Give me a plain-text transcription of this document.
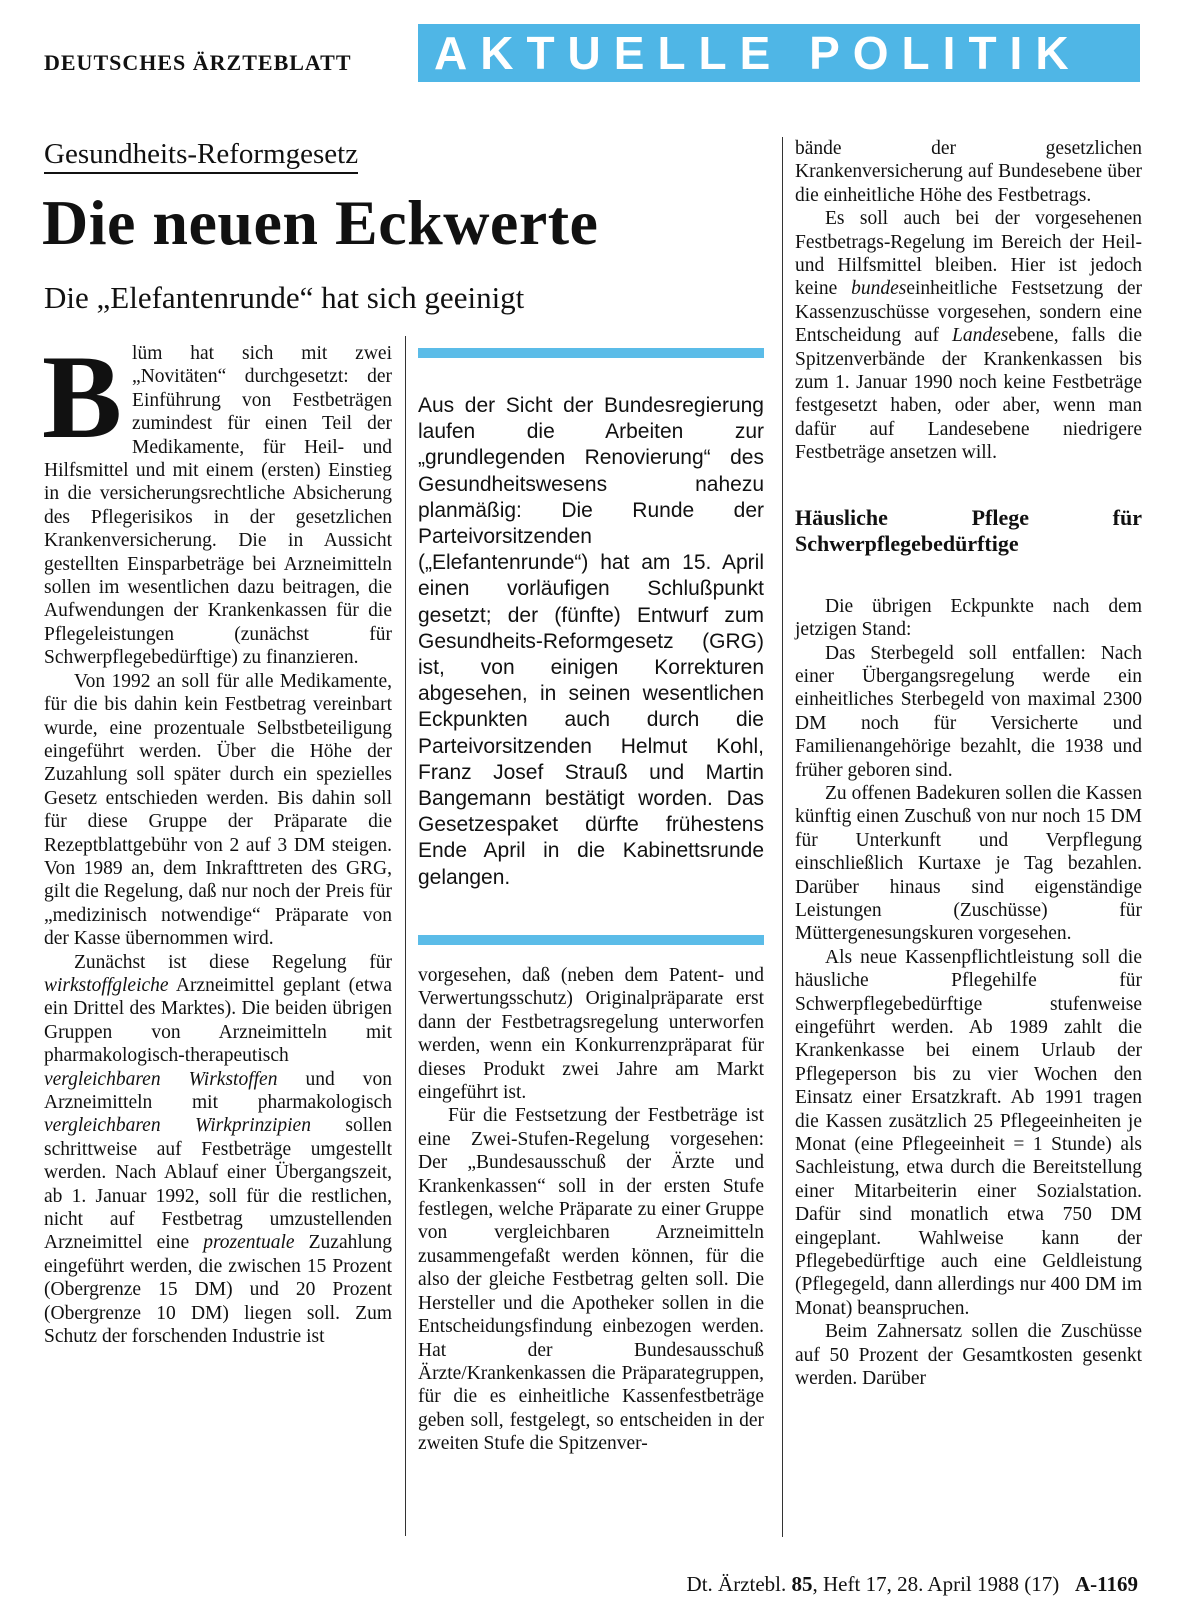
DEUTSCHES ÄRZTEBLATT	AKTUELLE POLITIK
Gesundheits-Reformgesetz
Die neuen Eckwerte
Die „Elefantenrunde“ hat sich geeinigt
B lüm hat sich mit zwei „Novitäten“ durchgesetzt: der Einführung von Festbeträgen zumindest für einen Teil der Medikamente, für Heil- und Hilfsmittel und mit einem (ersten) Einstieg in die versicherungsrechtliche Absicherung des Pflegerisikos in der gesetzlichen Krankenversicherung. Die in Aussicht gestellten Einsparbeträge bei Arzneimitteln sollen im wesentlichen dazu beitragen, die Aufwendungen der Krankenkassen für die Pflegeleistungen (zunächst für Schwerpflegebedürftige) zu finanzieren.

Von 1992 an soll für alle Medikamente, für die bis dahin kein Festbetrag vereinbart wurde, eine prozentuale Selbstbeteiligung eingeführt werden. Über die Höhe der Zuzahlung soll später durch ein spezielles Gesetz entschieden werden. Bis dahin soll für diese Gruppe der Präparate die Rezeptblattgebühr von 2 auf 3 DM steigen. Von 1989 an, dem Inkrafttreten des GRG, gilt die Regelung, daß nur noch der Preis für „medizinisch notwendige“ Präparate von der Kasse übernommen wird.

Zunächst ist diese Regelung für wirkstoffgleiche Arzneimittel geplant (etwa ein Drittel des Marktes). Die beiden übrigen Gruppen von Arzneimitteln mit pharmakologisch-therapeutisch vergleichbaren Wirkstoffen und von Arzneimitteln mit pharmakologisch vergleichbaren Wirkprinzipien sollen schrittweise auf Festbeträge umgestellt werden. Nach Ablauf einer Übergangszeit, ab 1. Januar 1992, soll für die restlichen, nicht auf Festbetrag umzustellenden Arzneimittel eine prozentuale Zuzahlung eingeführt werden, die zwischen 15 Prozent (Obergrenze 15 DM) und 20 Prozent (Obergrenze 10 DM) liegen soll. Zum Schutz der forschenden Industrie ist

Aus der Sicht der Bundesregierung laufen die Arbeiten zur „grundlegenden Renovierung“ des Gesundheitswesens nahezu planmäßig: Die Runde der Parteivorsitzenden („Elefantenrunde“) hat am 15. April einen vorläufigen Schlußpunkt gesetzt; der (fünfte) Entwurf zum Gesundheits-Reformgesetz (GRG) ist, von einigen Korrekturen abgesehen, in seinen wesentlichen Eckpunkten auch durch die Parteivorsitzenden Helmut Kohl, Franz Josef Strauß und Martin Bangemann bestätigt worden. Das Gesetzespaket dürfte frühestens Ende April in die Kabinettsrunde gelangen.

vorgesehen, daß (neben dem Patent- und Verwertungsschutz) Originalpräparate erst dann der Festbetragsregelung unterworfen werden, wenn ein Konkurrenzpräparat für dieses Produkt zwei Jahre am Markt eingeführt ist.

Für die Festsetzung der Festbeträge ist eine Zwei-Stufen-Regelung vorgesehen: Der „Bundesausschuß der Ärzte und Krankenkassen“ soll in der ersten Stufe festlegen, welche Präparate zu einer Gruppe von vergleichbaren Arzneimitteln zusammengefaßt werden können, für die also der gleiche Festbetrag gelten soll. Die Hersteller und die Apotheker sollen in die Entscheidungsfindung einbezogen werden. Hat der Bundesausschuß Ärzte/Krankenkassen die Präparategruppen, für die es einheitliche Kassenfestbeträge geben soll, festgelegt, so entscheiden in der zweiten Stufe die Spitzenver-

bände der gesetzlichen Krankenversicherung auf Bundesebene über die einheitliche Höhe des Festbetrags.

Es soll auch bei der vorgesehenen Festbetrags-Regelung im Bereich der Heil- und Hilfsmittel bleiben. Hier ist jedoch keine bundeseinheitliche Festsetzung der Kassenzuschüsse vorgesehen, sondern eine Entscheidung auf Landesebene, falls die Spitzenverbände der Krankenkassen bis zum 1. Januar 1990 noch keine Festbeträge festgesetzt haben, oder aber, wenn man dafür auf Landesebene niedrigere Festbeträge ansetzen will.

Häusliche Pflege für Schwerpflegebedürftige

Die übrigen Eckpunkte nach dem jetzigen Stand:

Das Sterbegeld soll entfallen: Nach einer Übergangsregelung werde ein einheitliches Sterbegeld von maximal 2300 DM noch für Versicherte und Familienangehörige bezahlt, die 1938 und früher geboren sind.

Zu offenen Badekuren sollen die Kassen künftig einen Zuschuß von nur noch 15 DM für Unterkunft und Verpflegung einschließlich Kurtaxe je Tag bezahlen. Darüber hinaus sind eigenständige Leistungen (Zuschüsse) für Müttergenesungskuren vorgesehen.

Als neue Kassenpflichtleistung soll die häusliche Pflegehilfe für Schwerpflegebedürftige stufenweise eingeführt werden. Ab 1989 zahlt die Krankenkasse bei einem Urlaub der Pflegeperson bis zu vier Wochen den Einsatz einer Ersatzkraft. Ab 1991 tragen die Kassen zusätzlich 25 Pflegeeinheiten je Monat (eine Pflegeeinheit = 1 Stunde) als Sachleistung, etwa durch die Bereitstellung einer Mitarbeiterin einer Sozialstation. Dafür sind monatlich etwa 750 DM eingeplant. Wahlweise kann der Pflegebedürftige auch eine Geldleistung (Pflegegeld, dann allerdings nur 400 DM im Monat) beanspruchen.

Beim Zahnersatz sollen die Zuschüsse auf 50 Prozent der Gesamtkosten gesenkt werden. Darüber

Dt. Ärztebl. 85, Heft 17, 28. April 1988 (17) A-1169
